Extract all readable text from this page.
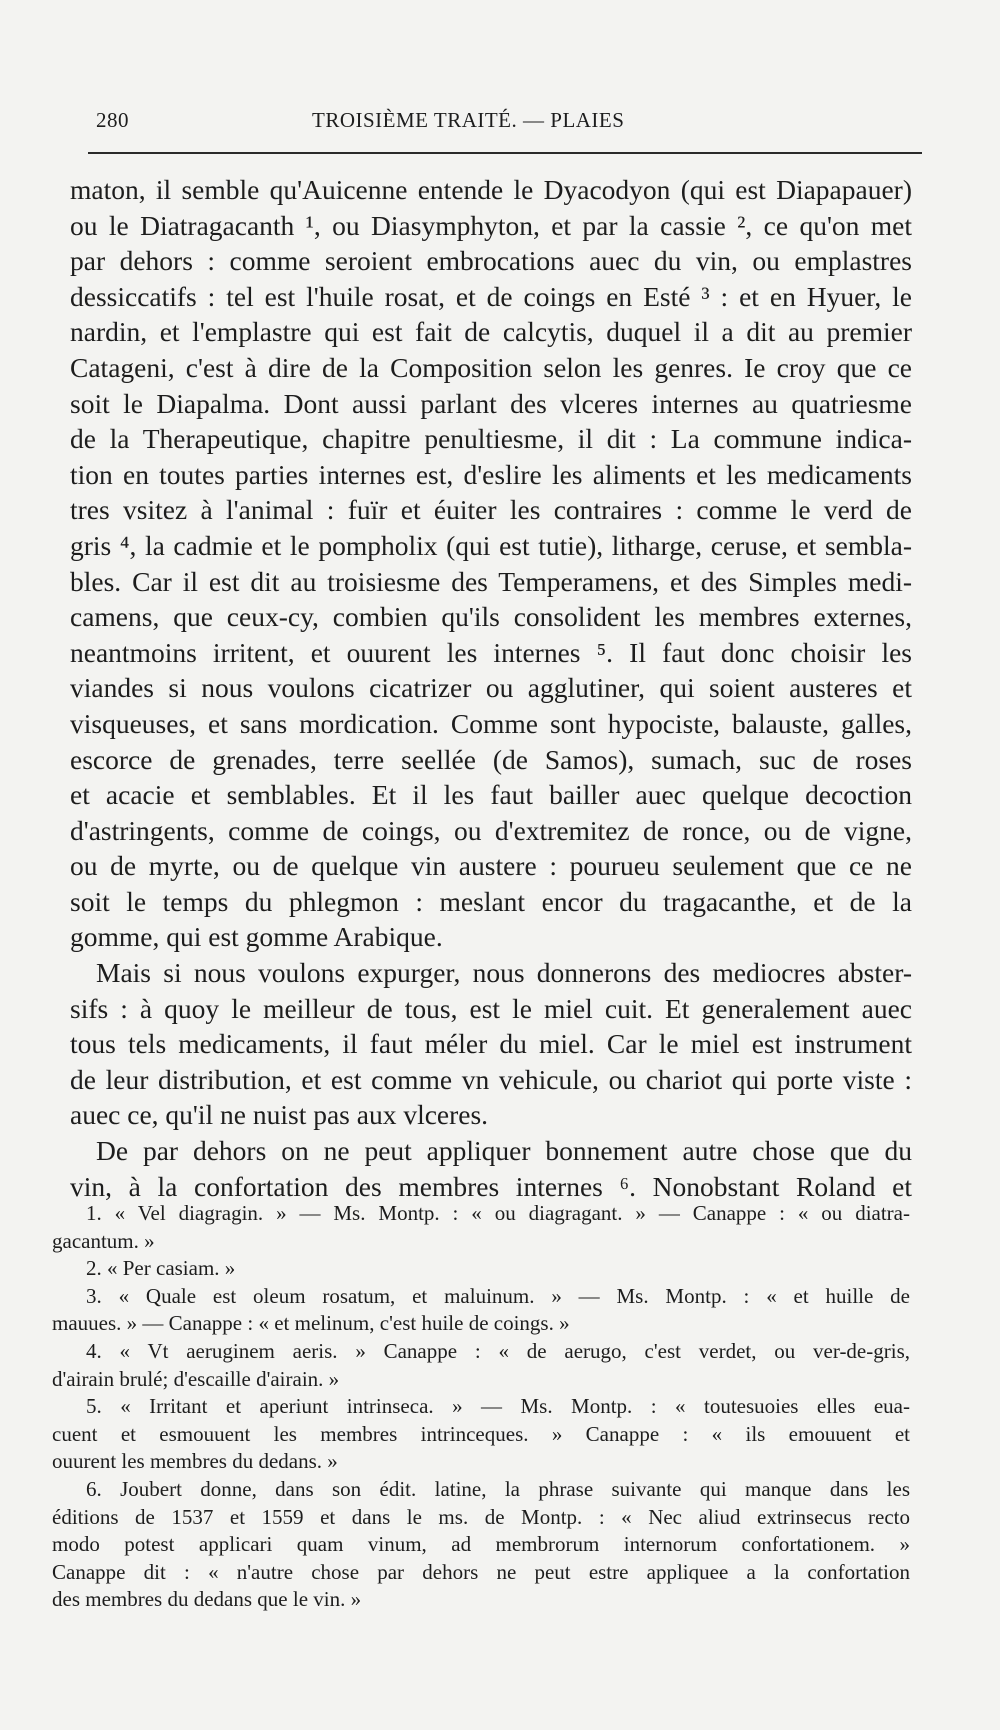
280	TROISIÈME TRAITÉ. — PLAIES
maton, il semble qu'Auicenne entende le Dyacodyon (qui est Diapapauer)
ou le Diatragacanth ¹, ou Diasymphyton, et par la cassie ², ce qu'on met
par dehors : comme seroient embrocations auec du vin, ou emplastres
dessiccatifs : tel est l'huile rosat, et de coings en Esté ³ : et en Hyuer, le
nardin, et l'emplastre qui est fait de calcytis, duquel il a dit au premier
Catageni, c'est à dire de la Composition selon les genres. Ie croy que ce
soit le Diapalma. Dont aussi parlant des vlceres internes au quatriesme
de la Therapeutique, chapitre penultiesme, il dit : La commune indica-
tion en toutes parties internes est, d'eslire les aliments et les medicaments
tres vsitez à l'animal : fuïr et éuiter les contraires : comme le verd de
gris ⁴, la cadmie et le pompholix (qui est tutie), litharge, ceruse, et sembla-
bles. Car il est dit au troisiesme des Temperamens, et des Simples medi-
camens, que ceux-cy, combien qu'ils consolident les membres externes,
neantmoins irritent, et ouurent les internes ⁵. Il faut donc choisir les
viandes si nous voulons cicatrizer ou agglutiner, qui soient austeres et
visqueuses, et sans mordication. Comme sont hypociste, balauste, galles,
escorce de grenades, terre seellée (de Samos), sumach, suc de roses
et acacie et semblables. Et il les faut bailler auec quelque decoction
d'astringents, comme de coings, ou d'extremitez de ronce, ou de vigne,
ou de myrte, ou de quelque vin austere : pourueu seulement que ce ne
soit le temps du phlegmon : meslant encor du tragacanthe, et de la
gomme, qui est gomme Arabique.
Mais si nous voulons expurger, nous donnerons des mediocres abster-
sifs : à quoy le meilleur de tous, est le miel cuit. Et generalement auec
tous tels medicaments, il faut méler du miel. Car le miel est instrument
de leur distribution, et est comme vn vehicule, ou chariot qui porte viste :
auec ce, qu'il ne nuist pas aux vlceres.
De par dehors on ne peut appliquer bonnement autre chose que du
vin, à la confortation des membres internes ⁶. Nonobstant Roland et
1. « Vel diagragin. » — Ms. Montp. : « ou diagragant. » — Canappe : « ou diatra-
gacantum. »
2. « Per casiam. »
3. « Quale est oleum rosatum, et maluinum. » — Ms. Montp. : « et huille de
mauues. » — Canappe : « et melinum, c'est huile de coings. »
4. « Vt aeruginem aeris. » Canappe : « de aerugo, c'est verdet, ou ver-de-gris,
d'airain brulé; d'escaille d'airain. »
5. « Irritant et aperiunt intrinseca. » — Ms. Montp. : « toutesuoies elles eua-
cuent et esmouuent les membres intrinceques. » Canappe : « ils emouuent et
ouurent les membres du dedans. »
6. Joubert donne, dans son édit. latine, la phrase suivante qui manque dans les
éditions de 1537 et 1559 et dans le ms. de Montp. : « Nec aliud extrinsecus recto
modo potest applicari quam vinum, ad membrorum internorum confortationem. »
Canappe dit : « n'autre chose par dehors ne peut estre appliquee a la confortation
des membres du dedans que le vin. »
